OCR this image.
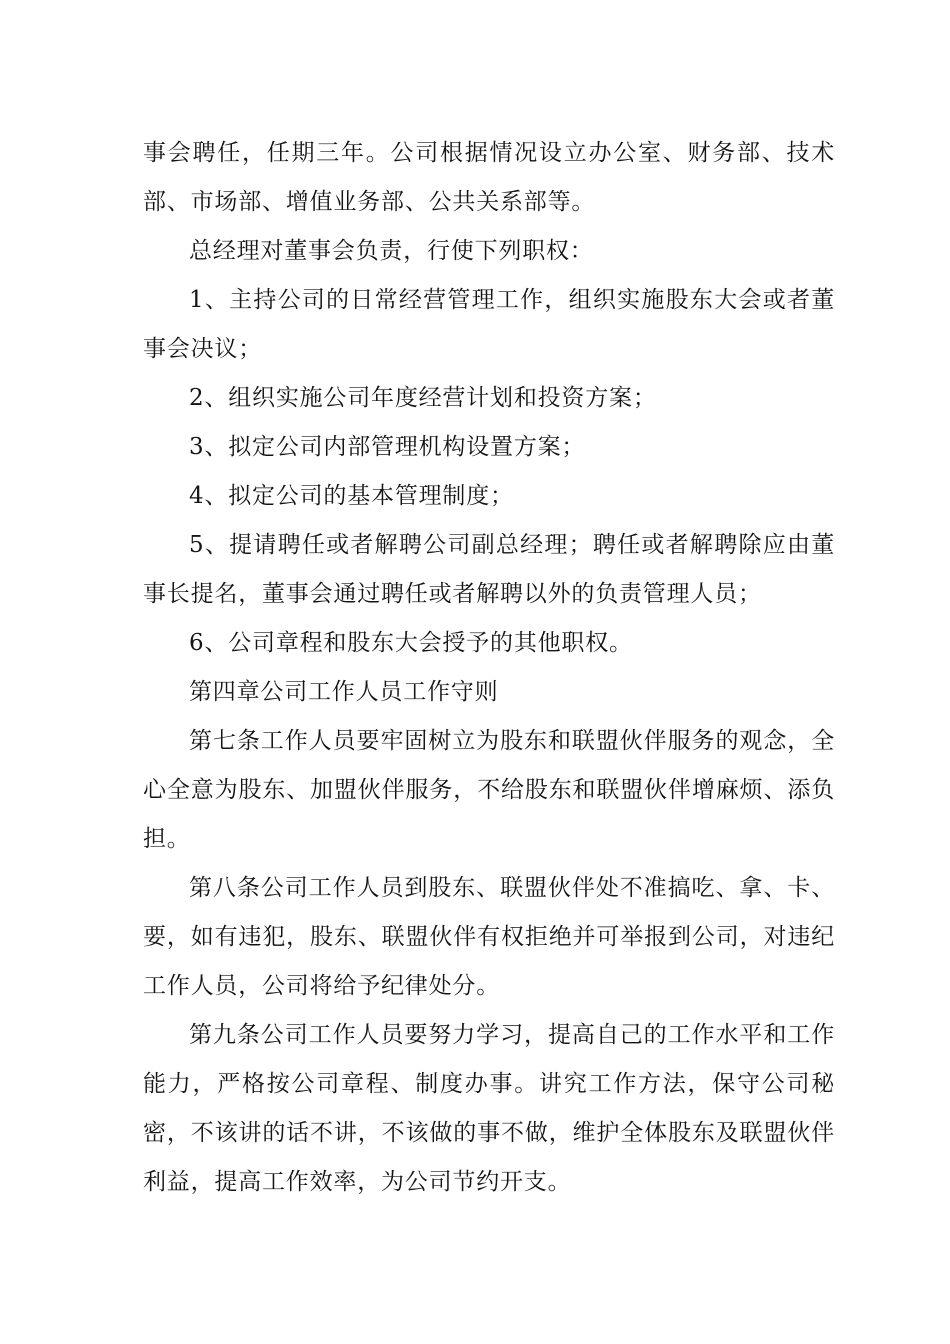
事会聘任，任期三年。公司根据情况设立办公室、财务部、技术部、市场部、增值业务部、公共关系部等。

总经理对董事会负责，行使下列职权：

1、主持公司的日常经营管理工作，组织实施股东大会或者董事会决议；

2、组织实施公司年度经营计划和投资方案；

3、拟定公司内部管理机构设置方案；

4、拟定公司的基本管理制度；

5、提请聘任或者解聘公司副总经理；聘任或者解聘除应由董事长提名，董事会通过聘任或者解聘以外的负责管理人员；

6、公司章程和股东大会授予的其他职权。

第四章公司工作人员工作守则

第七条工作人员要牢固树立为股东和联盟伙伴服务的观念，全心全意为股东、加盟伙伴服务，不给股东和联盟伙伴增麻烦、添负担。

第八条公司工作人员到股东、联盟伙伴处不准搞吃、拿、卡、要，如有违犯，股东、联盟伙伴有权拒绝并可举报到公司，对违纪工作人员，公司将给予纪律处分。

第九条公司工作人员要努力学习，提高自己的工作水平和工作能力，严格按公司章程、制度办事。讲究工作方法，保守公司秘密，不该讲的话不讲，不该做的事不做，维护全体股东及联盟伙伴利益，提高工作效率，为公司节约开支。
